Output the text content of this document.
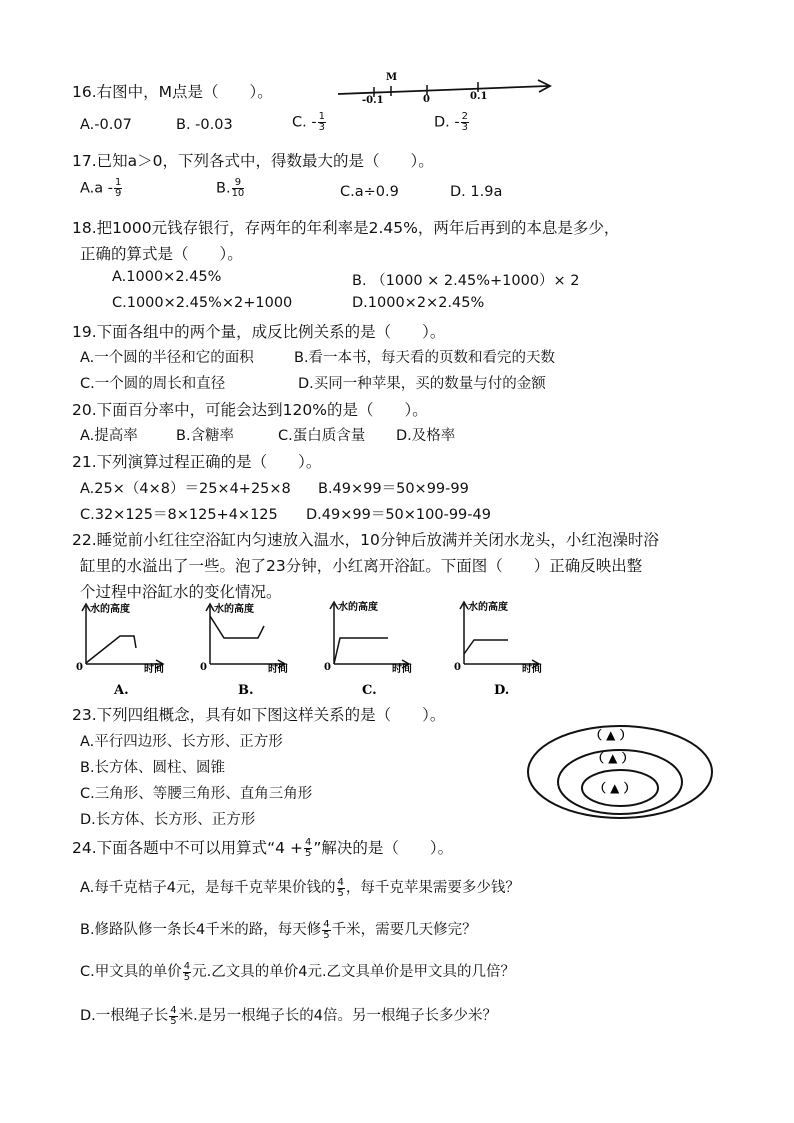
16.右图中，M点是（　　）。
M
-0.1	0	0.1
A.-0.07	B. -0.03	C. - $\frac{1}{3}$	D. - $\frac{2}{3}$
17.已知a＞0，下列各式中，得数最大的是（　　）。
$A.a - \frac{1}{9}$	B. $\frac{9}{10}$	C.a÷0.9	D. 1.9a
18.把1000元钱存银行，存两年的年利率是2.45%，两年后再到的本息是多少，
正确的算式是（　　）。
A.1000×2.45%	B. （1000 × 2.45%+1000）× 2
C.1000×2.45%×2+1000	D.1000×2×2.45%
19.下面各组中的两个量，成反比例关系的是（　　）。
A.一个圆的半径和它的面积	B.看一本书，每天看的页数和看完的天数
C.一个圆的周长和直径	D.买同一种苹果，买的数量与付的金额
20.下面百分率中，可能会达到120%的是（　　）。
A.提高率	B.含糖率	C.蛋白质含量 D.及格率
21.下列演算过程正确的是（　　）。
A.25×（4×8）＝25×4+25×8 B.49×99＝50×99-99
C.32×125＝8×125+4×125 D.49×99＝50×100-99-49
22.睡觉前小红往空浴缸内匀速放入温水，10分钟后放满并关闭水龙头，小红泡澡时浴
缸里的水溢出了一些。泡了23分钟，小红离开浴缸。下面图（　　）正确反映出整
个过程中浴缸水的变化情况。
水的高度
0	时间
A.
水的高度
0	时间
B.
水的高度
0	时间
C.
水的高度
0	时间
D.
23.下列四组概念，具有如下图这样关系的是（　　）。
A.平行四边形、长方形、正方形
B.长方体、圆柱、圆锥
C.三角形、等腰三角形、直角三角形
D.长方体、长方形、正方形
（ ▲ ）
（ ▲ ）
（ ▲ ）
24.下面各题中不可以用算式“$4 + \frac{4}{5}$ ”解决的是（　　）。
A.每千克桔子4元，是每千克苹果价钱的 $\frac{4}{5}$ ，每千克苹果需要多少钱？
B.修路队修一条长4千米的路，每天修 $\frac{4}{5}$ 千米，需要几天修完？
C.甲文具的单价 $\frac{4}{5}$ 元.乙文具的单价4元.乙文具单价是甲文具的几倍？
D.一根绳子长 $\frac{4}{5}$ 米.是另一根绳子长的4倍。另一根绳子长多少米？
